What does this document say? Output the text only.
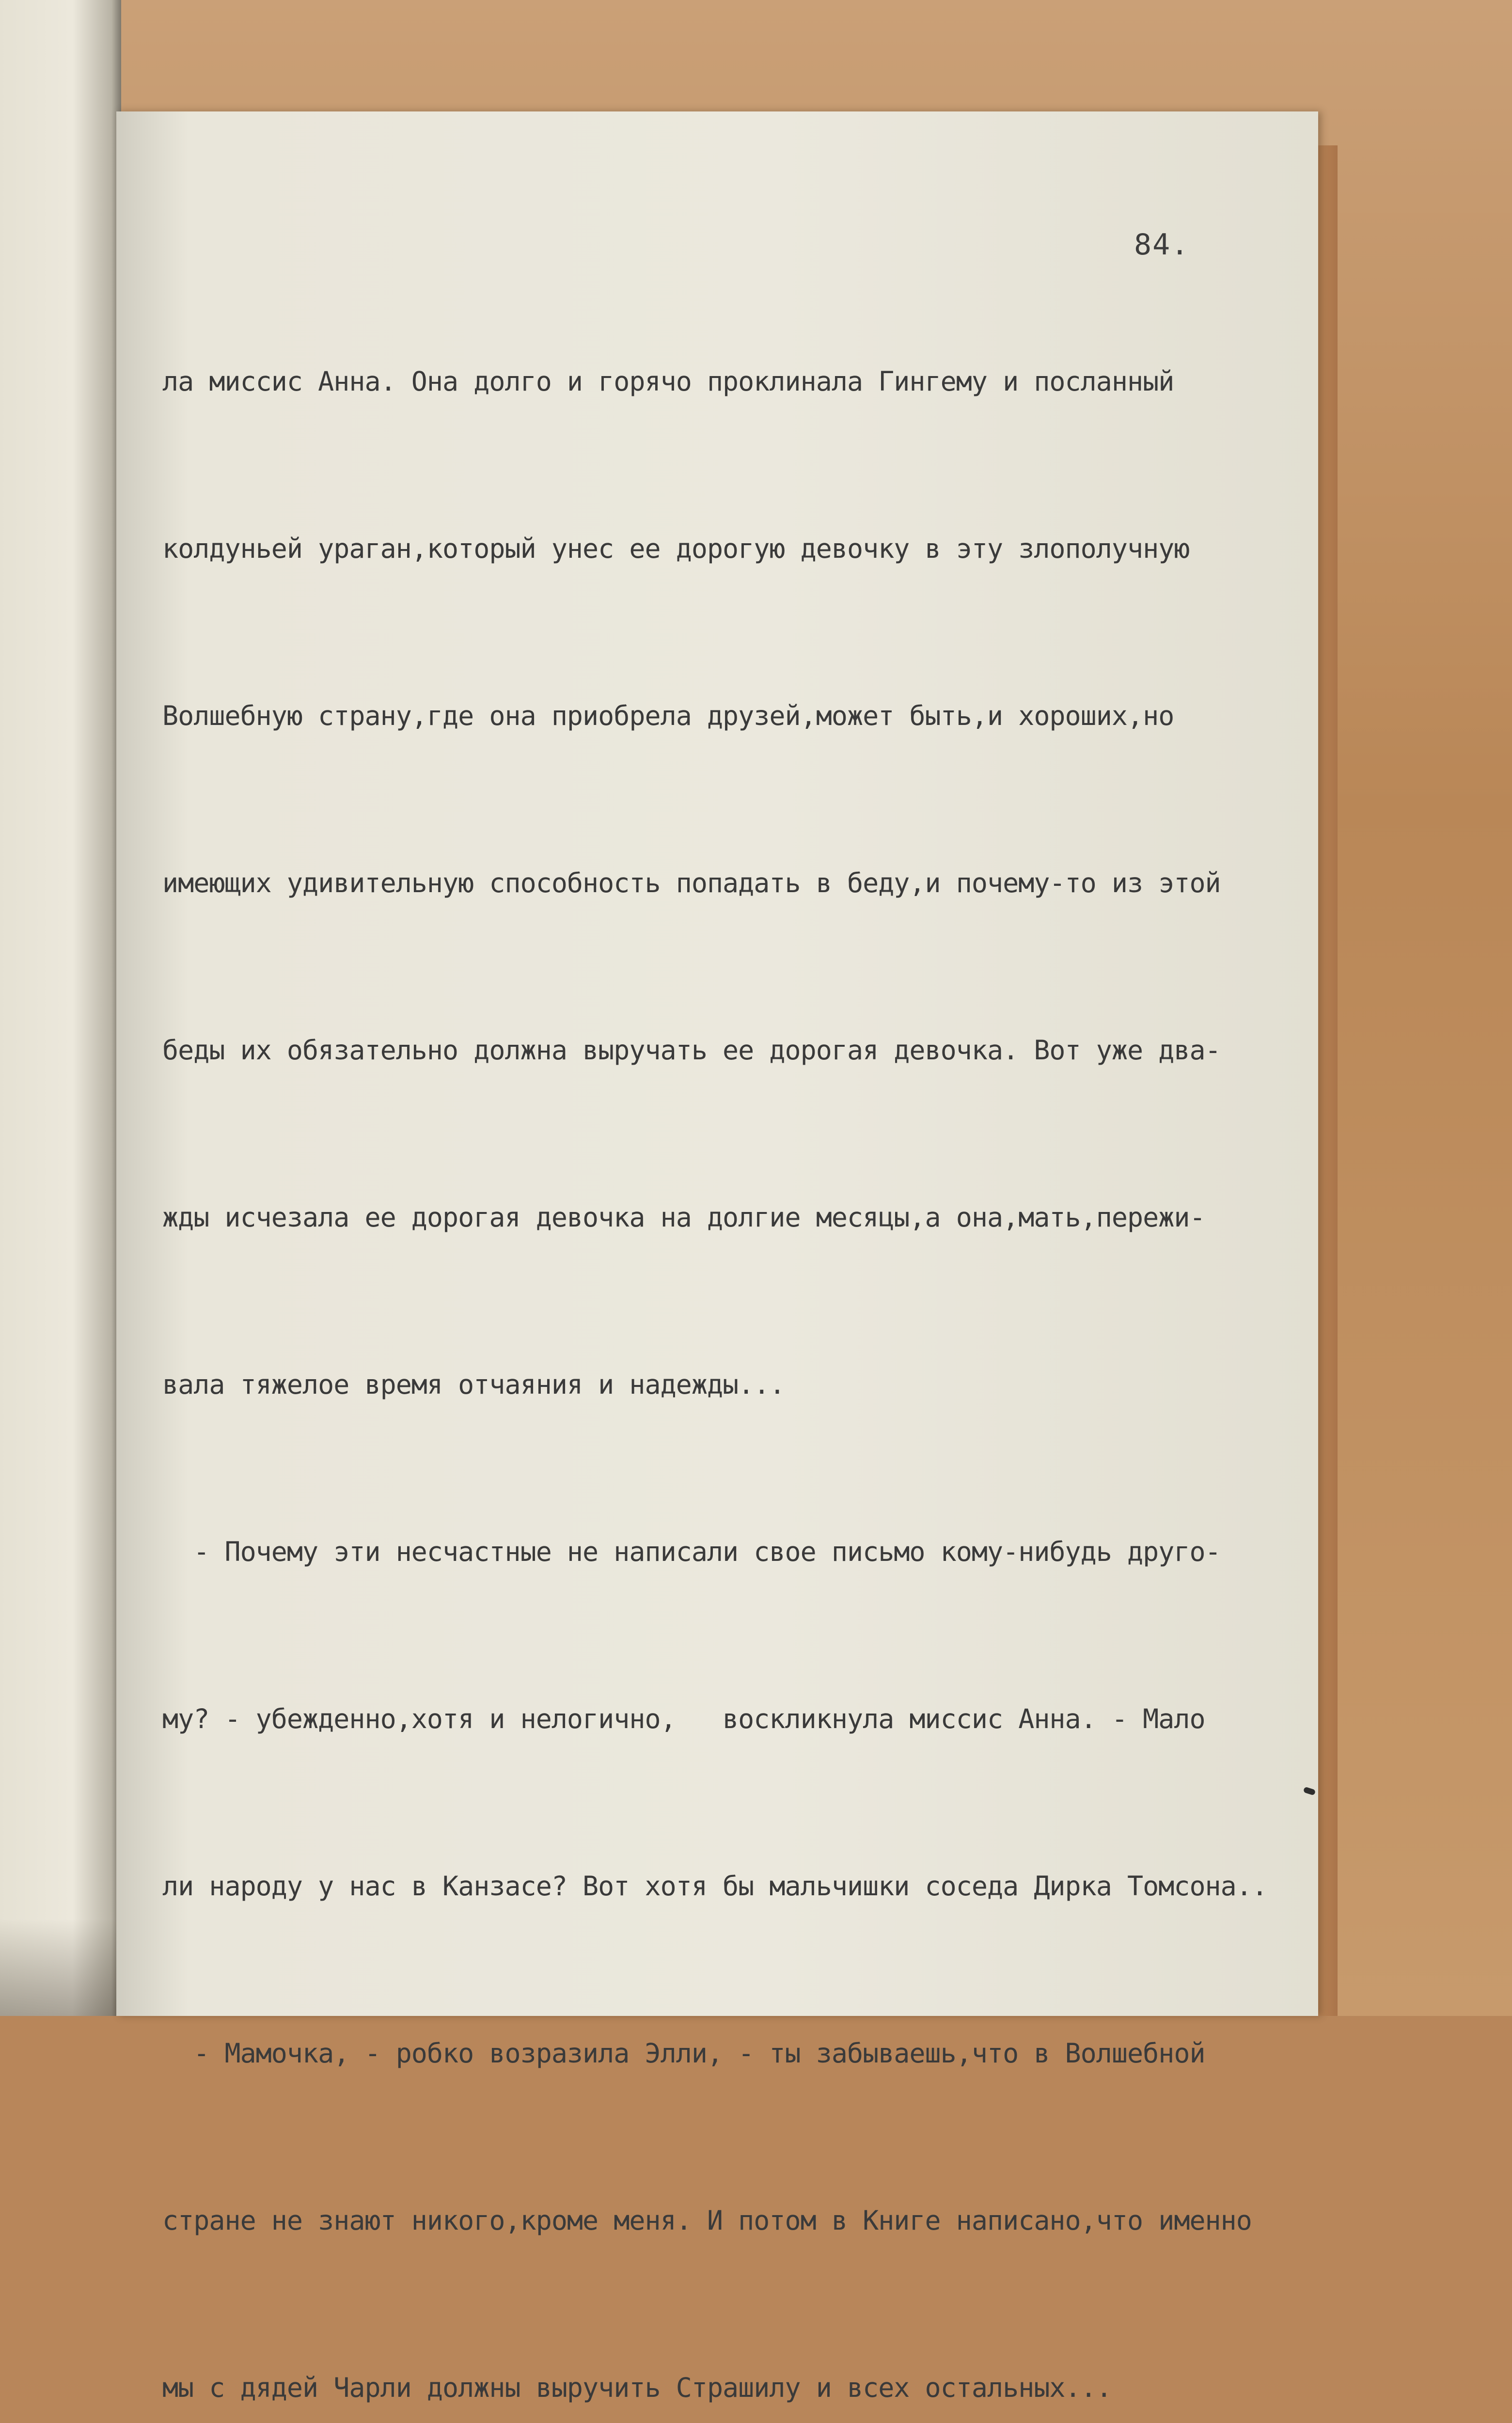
84.

ла миссис Анна. Она долго и горячо проклинала Гингему и посланный

колдуньей ураган,который унес ее дорогую девочку в эту злополучную

Волшебную страну,где она приобрела друзей,может быть,и хороших,но

имеющих удивительную способность попадать в беду,и почему-то из этой

беды их обязательно должна выручать ее дорогая девочка. Вот уже два-

жды исчезала ее дорогая девочка на долгие месяцы,а она,мать,пережи-

вала тяжелое время отчаяния и надежды...

- Почему эти несчастные не написали свое письмо кому-нибудь друго-

му? - убежденно,хотя и нелогично,   воскликнула миссис Анна. - Мало

ли народу у нас в Канзасе? Вот хотя бы мальчишки соседа Дирка Томсона..

- Мамочка, - робко возразила Элли, - ты забываешь,что в Волшебной

стране не знают никого,кроме меня. И потом в Книге написано,что именно

мы с дядей Чарли должны выручить Страшилу и всех остальных...
